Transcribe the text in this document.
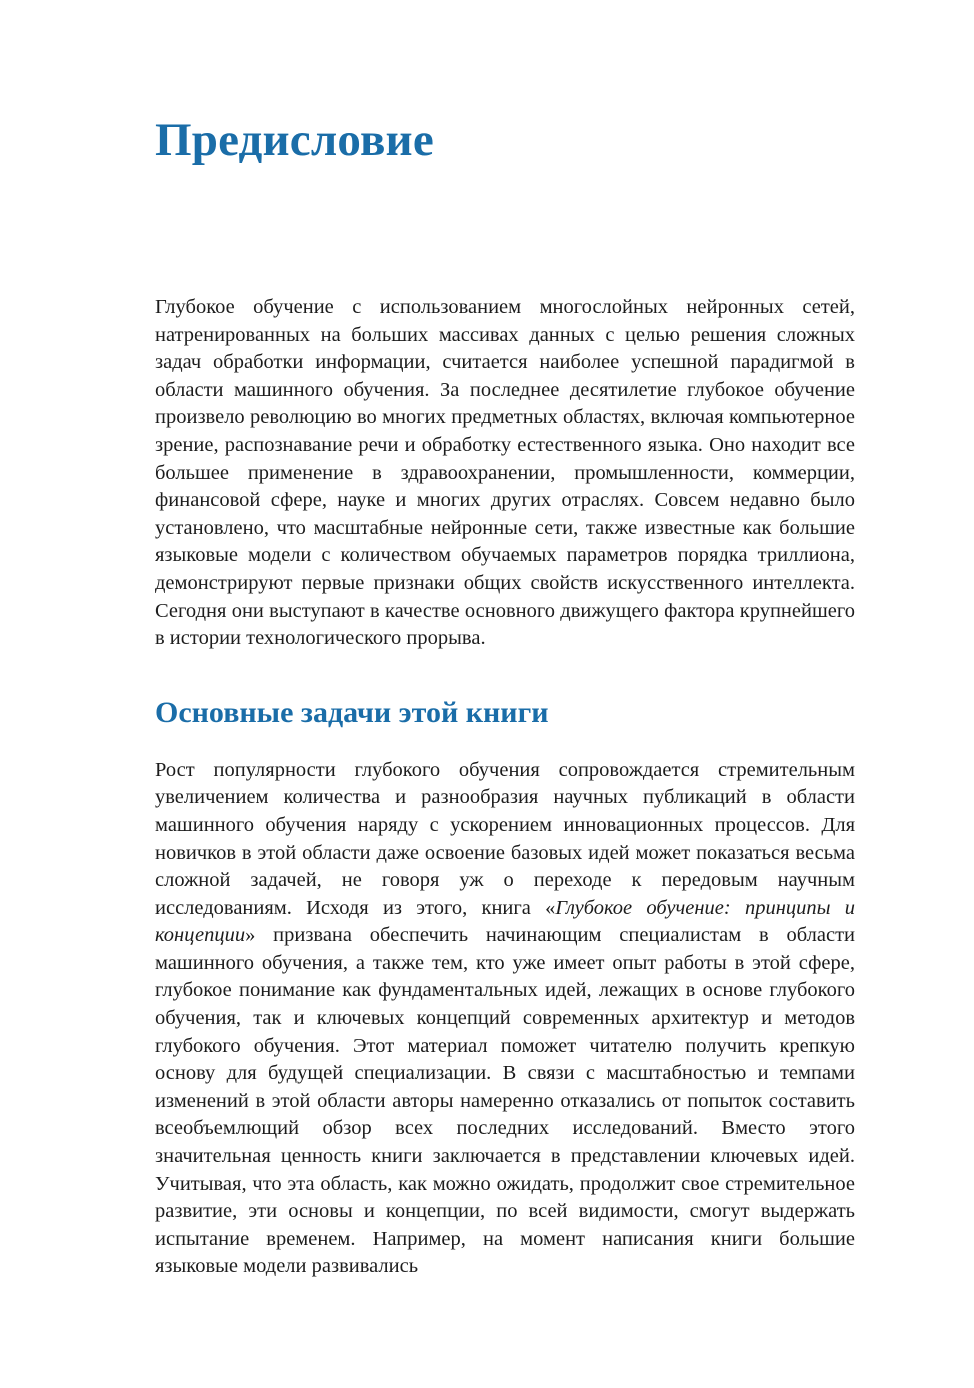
Предисловие

Глубокое обучение с использованием многослойных нейронных сетей, натренированных на больших массивах данных с целью решения сложных задач обработки информации, считается наиболее успешной парадигмой в области машинного обучения. За последнее десятилетие глубокое обучение произвело революцию во многих предметных областях, включая компьютерное зрение, распознавание речи и обработку естественного языка. Оно находит все большее применение в здравоохранении, промышленности, коммерции, финансовой сфере, науке и многих других отраслях. Совсем недавно было установлено, что масштабные нейронные сети, также известные как большие языковые модели с количеством обучаемых параметров порядка триллиона, демонстрируют первые признаки общих свойств искусственного интеллекта. Сегодня они выступают в качестве основного движущего фактора крупнейшего в истории технологического прорыва.

Основные задачи этой книги

Рост популярности глубокого обучения сопровождается стремительным увеличением количества и разнообразия научных публикаций в области машинного обучения наряду с ускорением инновационных процессов. Для новичков в этой области даже освоение базовых идей может показаться весьма сложной задачей, не говоря уж о переходе к передовым научным исследованиям. Исходя из этого, книга «Глубокое обучение: принципы и концепции» призвана обеспечить начинающим специалистам в области машинного обучения, а также тем, кто уже имеет опыт работы в этой сфере, глубокое понимание как фундаментальных идей, лежащих в основе глубокого обучения, так и ключевых концепций современных архитектур и методов глубокого обучения. Этот материал поможет читателю получить крепкую основу для будущей специализации. В связи с масштабностью и темпами изменений в этой области авторы намеренно отказались от попыток составить всеобъемлющий обзор всех последних исследований. Вместо этого значительная ценность книги заключается в представлении ключевых идей. Учитывая, что эта область, как можно ожидать, продолжит свое стремительное развитие, эти основы и концепции, по всей видимости, смогут выдержать испытание временем. Например, на момент написания книги большие языковые модели развивались
